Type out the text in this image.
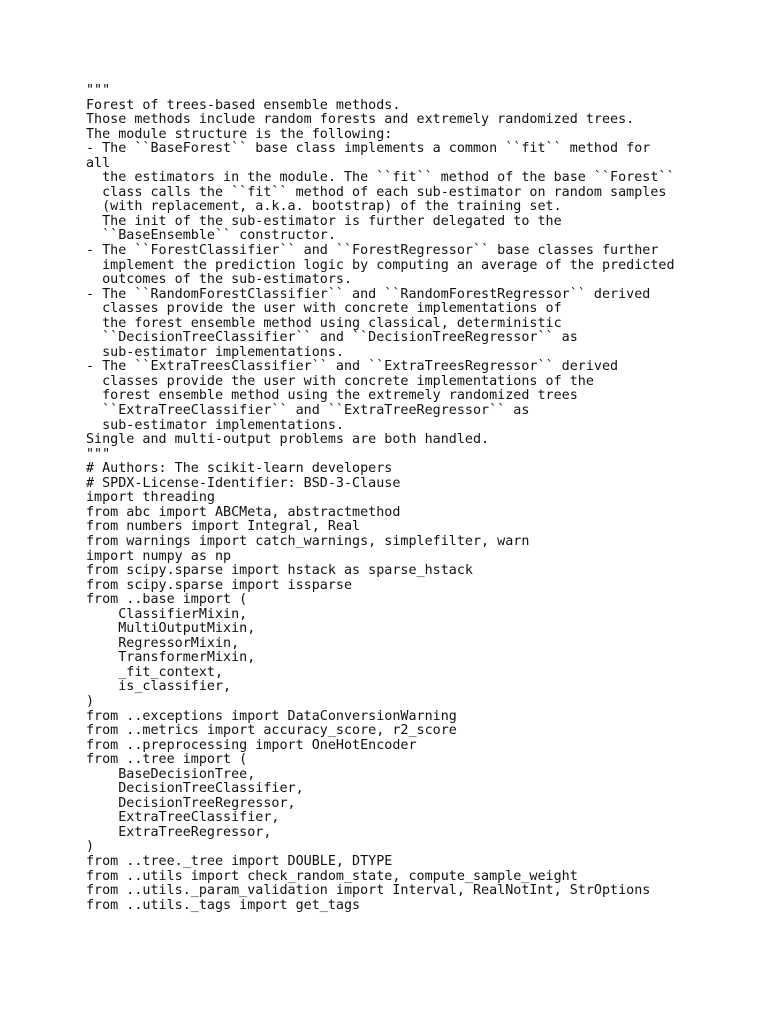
"""
Forest of trees-based ensemble methods.
Those methods include random forests and extremely randomized trees.
The module structure is the following:
- The ``BaseForest`` base class implements a common ``fit`` method for
all
the estimators in the module. The ``fit`` method of the base ``Forest``
class calls the ``fit`` method of each sub-estimator on random samples
(with replacement, a.k.a. bootstrap) of the training set.
The init of the sub-estimator is further delegated to the
``BaseEnsemble`` constructor.
- The ``ForestClassifier`` and ``ForestRegressor`` base classes further
implement the prediction logic by computing an average of the predicted
outcomes of the sub-estimators.
- The ``RandomForestClassifier`` and ``RandomForestRegressor`` derived
classes provide the user with concrete implementations of
the forest ensemble method using classical, deterministic
``DecisionTreeClassifier`` and ``DecisionTreeRegressor`` as
sub-estimator implementations.
- The ``ExtraTreesClassifier`` and ``ExtraTreesRegressor`` derived
classes provide the user with concrete implementations of the
forest ensemble method using the extremely randomized trees
``ExtraTreeClassifier`` and ``ExtraTreeRegressor`` as
sub-estimator implementations.
Single and multi-output problems are both handled.
"""
# Authors: The scikit-learn developers
# SPDX-License-Identifier: BSD-3-Clause
import threading
from abc import ABCMeta, abstractmethod
from numbers import Integral, Real
from warnings import catch_warnings, simplefilter, warn
import numpy as np
from scipy.sparse import hstack as sparse_hstack
from scipy.sparse import issparse
from ..base import (
ClassifierMixin,
MultiOutputMixin,
RegressorMixin,
TransformerMixin,
_fit_context,
is_classifier,
)
from ..exceptions import DataConversionWarning
from ..metrics import accuracy_score, r2_score
from ..preprocessing import OneHotEncoder
from ..tree import (
BaseDecisionTree,
DecisionTreeClassifier,
DecisionTreeRegressor,
ExtraTreeClassifier,
ExtraTreeRegressor,
)
from ..tree._tree import DOUBLE, DTYPE
from ..utils import check_random_state, compute_sample_weight
from ..utils._param_validation import Interval, RealNotInt, StrOptions
from ..utils._tags import get_tags
